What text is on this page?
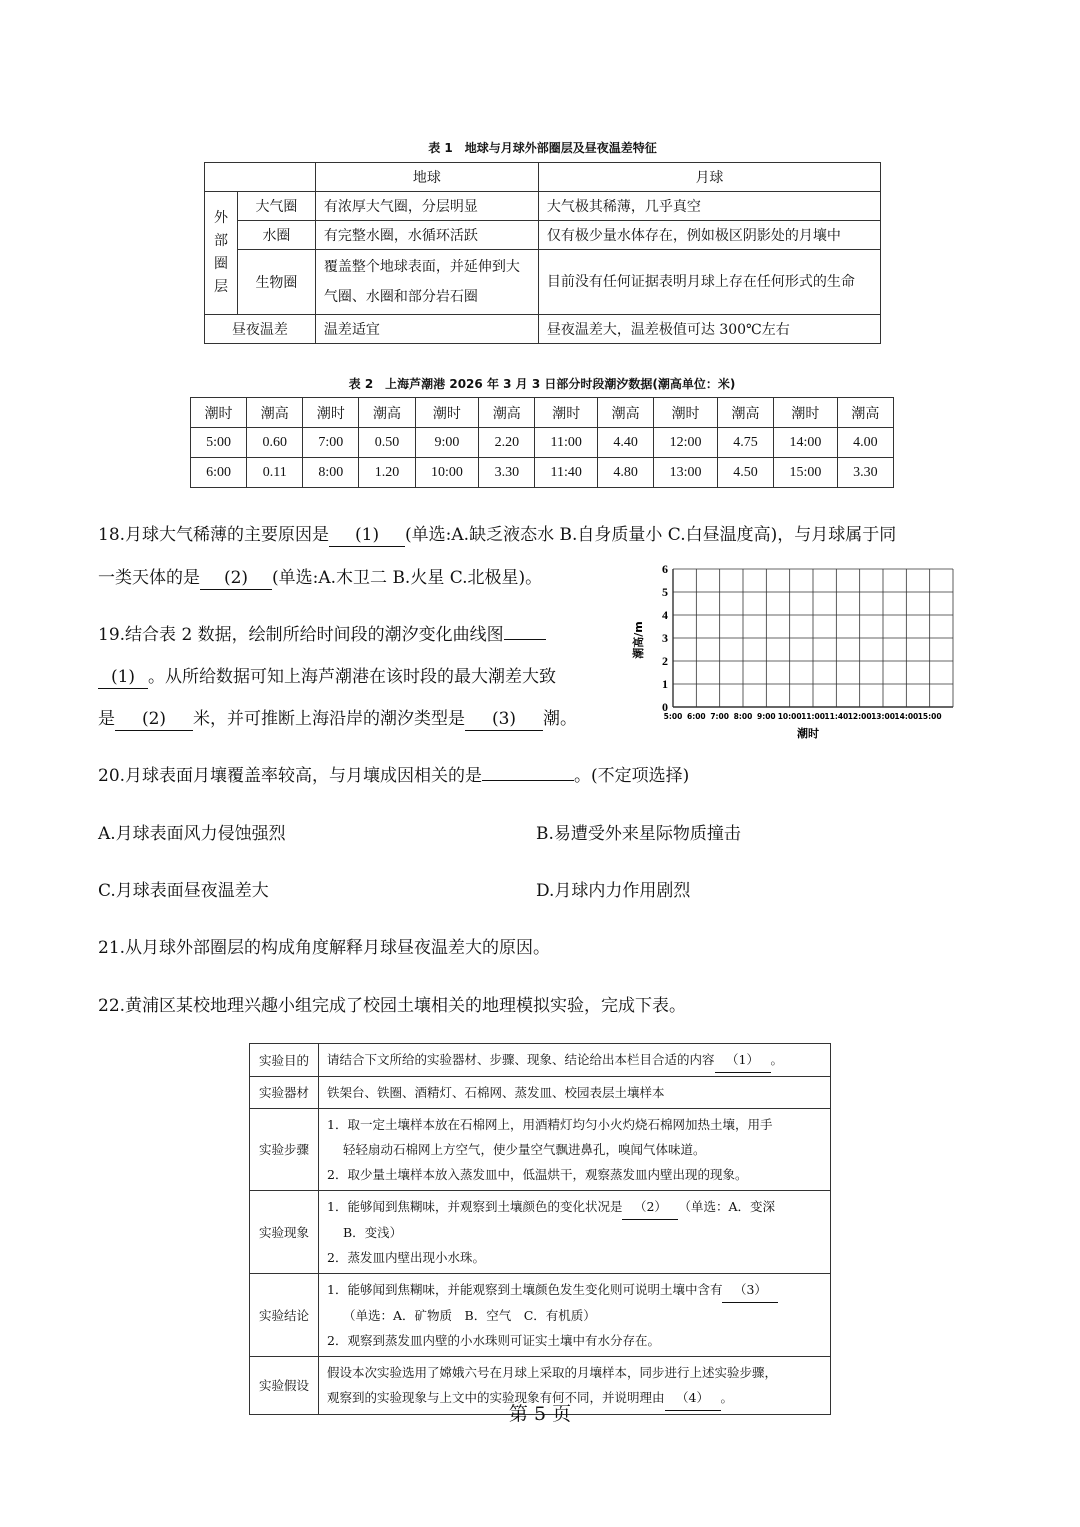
表 1　地球与月球外部圈层及昼夜温差特征
		地球	月球

外
部
圈
层	大气圈	有浓厚大气圈，分层明显	大气极其稀薄，几乎真空
	水圈	有完整水圈，水循环活跃	仅有极少量水体存在，例如极区阴影处的月壤中
	生物圈	覆盖整个地球表面，并延伸到大气圈、水圈和部分岩石圈	目前没有任何证据表明月球上存在任何形式的生命

昼夜温差		温差适宜	昼夜温差大，温差极值可达 300℃左右
表 2　上海芦潮港 2026 年 3 月 3 日部分时段潮汐数据(潮高单位：米)
潮时	潮高	潮时	潮高	潮时	潮高	潮时	潮高	潮时	潮高	潮时	潮高
5:00	0.60	7:00	0.50	9:00	2.20	11:00	4.40	12:00	4.75	14:00	4.00
6:00	0.11	8:00	1.20	10:00	3.30	11:40	4.80	13:00	4.50	15:00	3.30
18.月球大气稀薄的主要原因是 (1) (单选:A.缺乏液态水 B.自身质量小 C.白昼温度高)，与月球属于同
一类天体的是 (2) (单选:A.木卫二 B.火星 C.北极星)。
19.结合表 2 数据，绘制所给时间段的潮汐变化曲线图
(1) 。从所给数据可知上海芦潮港在该时段的最大潮差大致
是 (2) 米，并可推断上海沿岸的潮汐类型是 (3) 潮。
0
1
2
3
4
5
6
5:00 6:00 7:00 8:00 9:00 10:00 11:00 11:40 12:00 13:00 14:00 15:00
潮高/m
潮时
20.月球表面月壤覆盖率较高，与月壤成因相关的是	。(不定项选择)
A.月球表面风力侵蚀强烈	B.易遭受外来星际物质撞击
C.月球表面昼夜温差大	D.月球内力作用剧烈
21.从月球外部圈层的构成角度解释月球昼夜温差大的原因。
22.黄浦区某校地理兴趣小组完成了校园土壤相关的地理模拟实验，完成下表。
实验目的	请结合下文所给的实验器材、步骤、现象、结论给出本栏目合适的内容 （1） 。

实验器材	铁架台、铁圈、酒精灯、石棉网、蒸发皿、校园表层土壤样本

实验步骤	1．取一定土壤样本放在石棉网上，用酒精灯均匀小火灼烧石棉网加热土壤，用手
轻轻扇动石棉网上方空气，使少量空气飘进鼻孔，嗅闻气体味道。
2．取少量土壤样本放入蒸发皿中，低温烘干，观察蒸发皿内壁出现的现象。

实验现象	1．能够闻到焦糊味，并观察到土壤颜色的变化状况是 （2） （单选：A．变深
B．变浅）
2．蒸发皿内壁出现小水珠。

实验结论	1．能够闻到焦糊味，并能观察到土壤颜色发生变化则可说明土壤中含有 （3）
（单选：A．矿物质　B．空气　C．有机质）
2．观察到蒸发皿内壁的小水珠则可证实土壤中有水分存在。

实验假设	假设本次实验选用了嫦娥六号在月球上采取的月壤样本，同步进行上述实验步骤，
观察到的实验现象与上文中的实验现象有何不同，并说明理由 （4） 。
第 5 页
